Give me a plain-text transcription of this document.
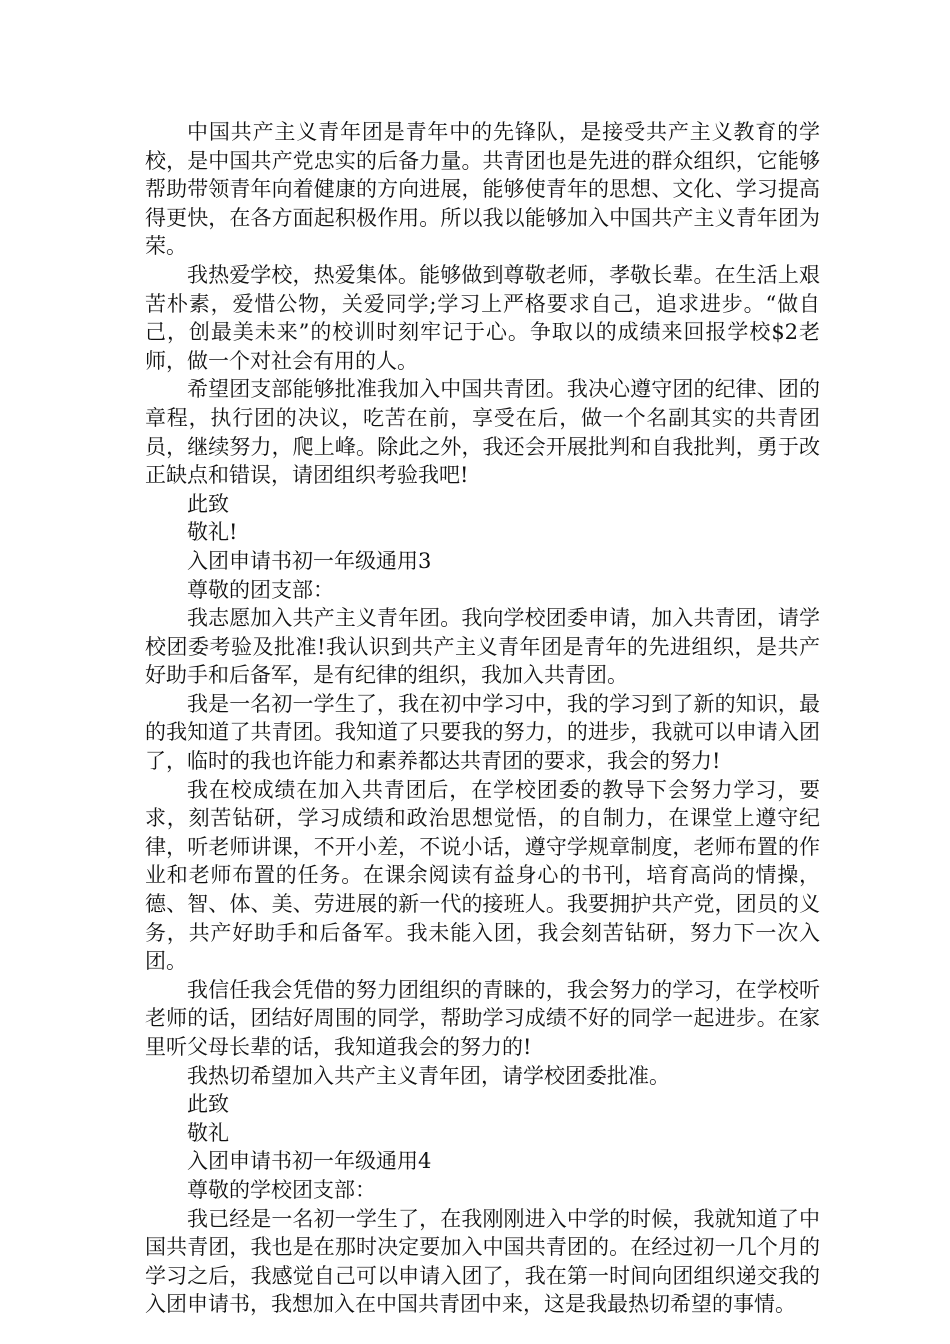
中国共产主义青年团是青年中的先锋队，是接受共产主义教育的学校，是中国共产党忠实的后备力量。共青团也是先进的群众组织，它能够帮助带领青年向着健康的方向进展，能够使青年的思想、文化、学习提高得更快，在各方面起积极作用。所以我以能够加入中国共产主义青年团为荣。

我热爱学校，热爱集体。能够做到尊敬老师，孝敬长辈。在生活上艰苦朴素，爱惜公物，关爱同学;学习上严格要求自己，追求进步。“做自己，创最美未来”的校训时刻牢记于心。争取以的成绩来回报学校$2老师，做一个对社会有用的人。

希望团支部能够批准我加入中国共青团。我决心遵守团的纪律、团的章程，执行团的决议，吃苦在前，享受在后，做一个名副其实的共青团员，继续努力，爬上峰。除此之外，我还会开展批判和自我批判，勇于改正缺点和错误，请团组织考验我吧!

此致

敬礼!

入团申请书初一年级通用3

尊敬的团支部：

我志愿加入共产主义青年团。我向学校团委申请，加入共青团，请学校团委考验及批准!我认识到共产主义青年团是青年的先进组织，是共产好助手和后备军，是有纪律的组织，我加入共青团。

我是一名初一学生了，我在初中学习中，我的学习到了新的知识，最的我知道了共青团。我知道了只要我的努力，的进步，我就可以申请入团了，临时的我也许能力和素养都达共青团的要求，我会的努力!

我在校成绩在加入共青团后，在学校团委的教导下会努力学习，要求，刻苦钻研，学习成绩和政治思想觉悟，的自制力，在课堂上遵守纪律，听老师讲课，不开小差，不说小话，遵守学规章制度，老师布置的作业和老师布置的任务。在课余阅读有益身心的书刊，培育高尚的情操，德、智、体、美、劳进展的新一代的接班人。我要拥护共产党，团员的义务，共产好助手和后备军。我未能入团，我会刻苦钻研，努力下一次入团。

我信任我会凭借的努力团组织的青睐的，我会努力的学习，在学校听老师的话，团结好周围的同学，帮助学习成绩不好的同学一起进步。在家里听父母长辈的话，我知道我会的努力的!

我热切希望加入共产主义青年团，请学校团委批准。

此致

敬礼

入团申请书初一年级通用4

尊敬的学校团支部：

我已经是一名初一学生了，在我刚刚进入中学的时候，我就知道了中国共青团，我也是在那时决定要加入中国共青团的。在经过初一几个月的学习之后，我感觉自己可以申请入团了，我在第一时间向团组织递交我的入团申请书，我想加入在中国共青团中来，这是我最热切希望的事情。
